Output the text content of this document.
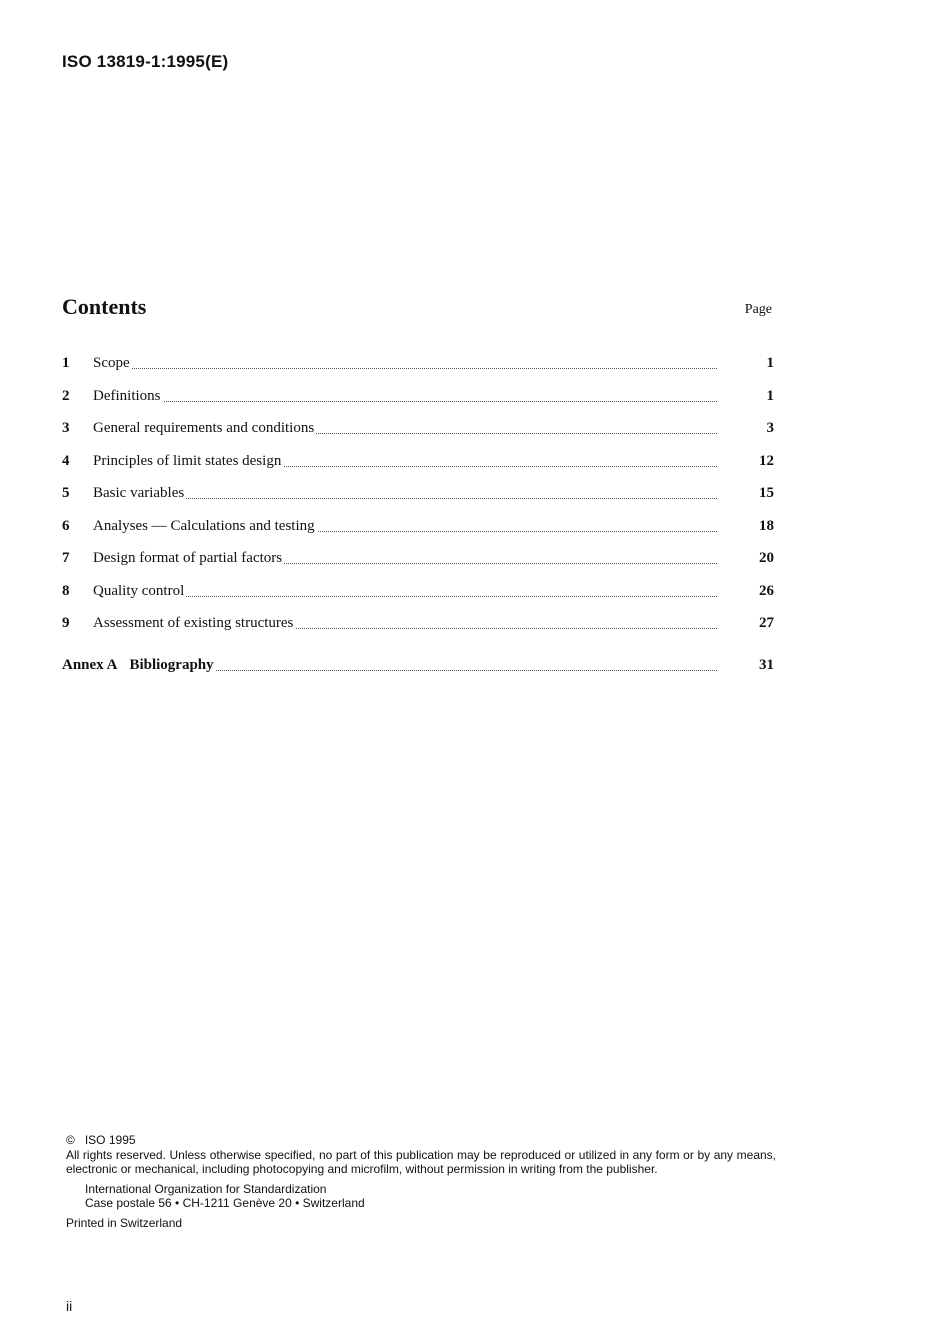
ISO 13819-1:1995(E)
Contents	Page
1 Scope	1
2 Definitions	1
3 General requirements and conditions	3
4 Principles of limit states design	12
5 Basic variables	15
6 Analyses — Calculations and testing	18
7 Design format of partial factors	20
8 Quality control	26
9 Assessment of existing structures	27
Annex A Bibliography	31
© ISO 1995

All rights reserved. Unless otherwise specified, no part of this publication may be reproduced or utilized in any form or by any means, electronic or mechanical, including photocopying and microfilm, without permission in writing from the publisher.

International Organization for Standardization
Case postale 56 • CH-1211 Genève 20 • Switzerland
Printed in Switzerland
ii
